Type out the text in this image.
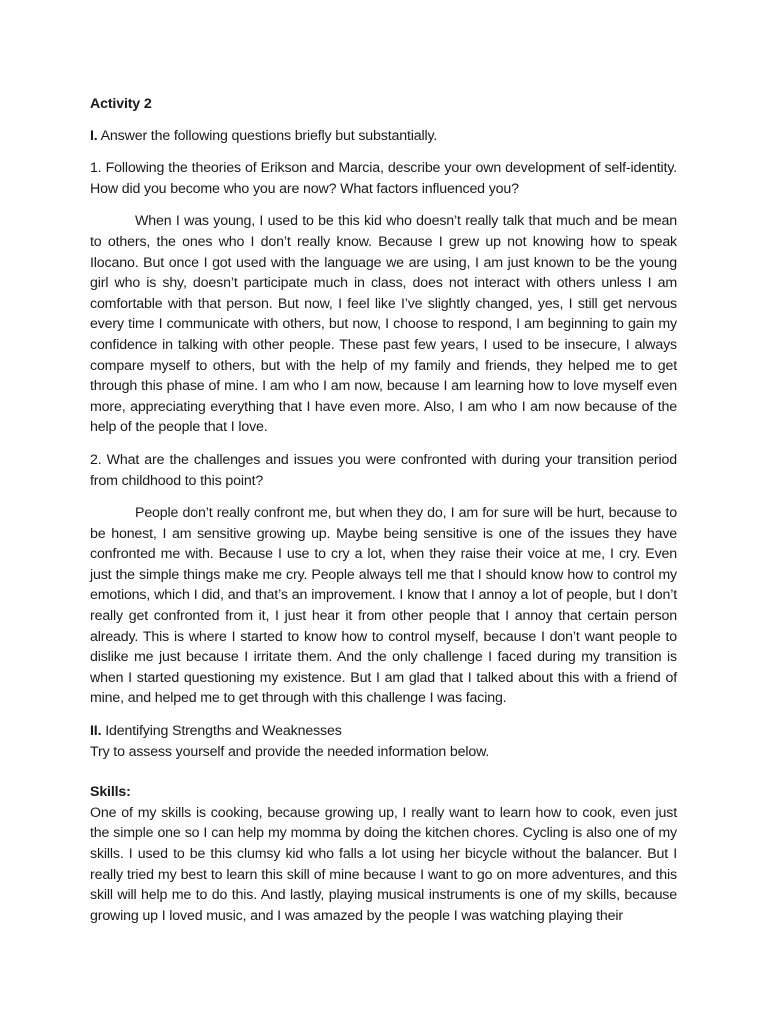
Activity 2

I. Answer the following questions briefly but substantially.

1. Following the theories of Erikson and Marcia, describe your own development of self-identity. How did you become who you are now? What factors influenced you?

When I was young, I used to be this kid who doesn’t really talk that much and be mean to others, the ones who I don’t really know. Because I grew up not knowing how to speak Ilocano. But once I got used with the language we are using, I am just known to be the young girl who is shy, doesn’t participate much in class, does not interact with others unless I am comfortable with that person. But now, I feel like I’ve slightly changed, yes, I still get nervous every time I communicate with others, but now, I choose to respond, I am beginning to gain my confidence in talking with other people. These past few years, I used to be insecure, I always compare myself to others, but with the help of my family and friends, they helped me to get through this phase of mine. I am who I am now, because I am learning how to love myself even more, appreciating everything that I have even more. Also, I am who I am now because of the help of the people that I love.

2. What are the challenges and issues you were confronted with during your transition period from childhood to this point?

People don’t really confront me, but when they do, I am for sure will be hurt, because to be honest, I am sensitive growing up. Maybe being sensitive is one of the issues they have confronted me with. Because I use to cry a lot, when they raise their voice at me, I cry. Even just the simple things make me cry. People always tell me that I should know how to control my emotions, which I did, and that’s an improvement. I know that I annoy a lot of people, but I don’t really get confronted from it, I just hear it from other people that I annoy that certain person already. This is where I started to know how to control myself, because I don’t want people to dislike me just because I irritate them. And the only challenge I faced during my transition is when I started questioning my existence. But I am glad that I talked about this with a friend of mine, and helped me to get through with this challenge I was facing.

II. Identifying Strengths and Weaknesses

Try to assess yourself and provide the needed information below.

Skills:

One of my skills is cooking, because growing up, I really want to learn how to cook, even just the simple one so I can help my momma by doing the kitchen chores. Cycling is also one of my skills. I used to be this clumsy kid who falls a lot using her bicycle without the balancer. But I really tried my best to learn this skill of mine because I want to go on more adventures, and this skill will help me to do this. And lastly, playing musical instruments is one of my skills, because growing up I loved music, and I was amazed by the people I was watching playing their
